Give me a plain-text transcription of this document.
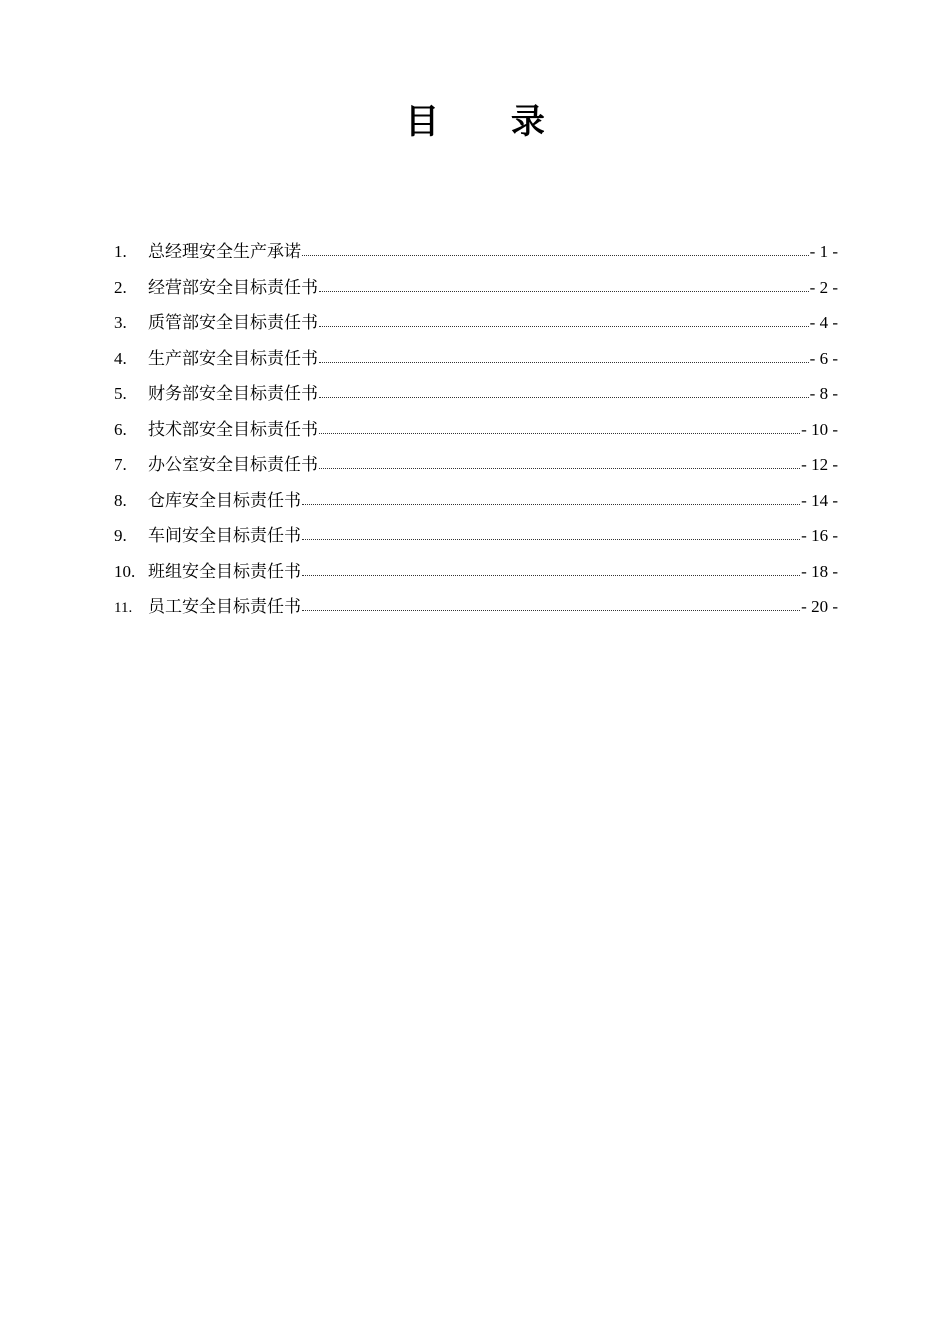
目 录
1.	总经理安全生产承诺	- 1 -
2.	经营部安全目标责任书	- 2 -
3.	质管部安全目标责任书	- 4 -
4.	生产部安全目标责任书	- 6 -
5.	财务部安全目标责任书	- 8 -
6.	技术部安全目标责任书	- 10 -
7.	办公室安全目标责任书	- 12 -
8.	仓库安全目标责任书	- 14 -
9.	车间安全目标责任书	- 16 -
10. 班组安全目标责任书	- 18 -
11. 员工安全目标责任书	- 20 -
